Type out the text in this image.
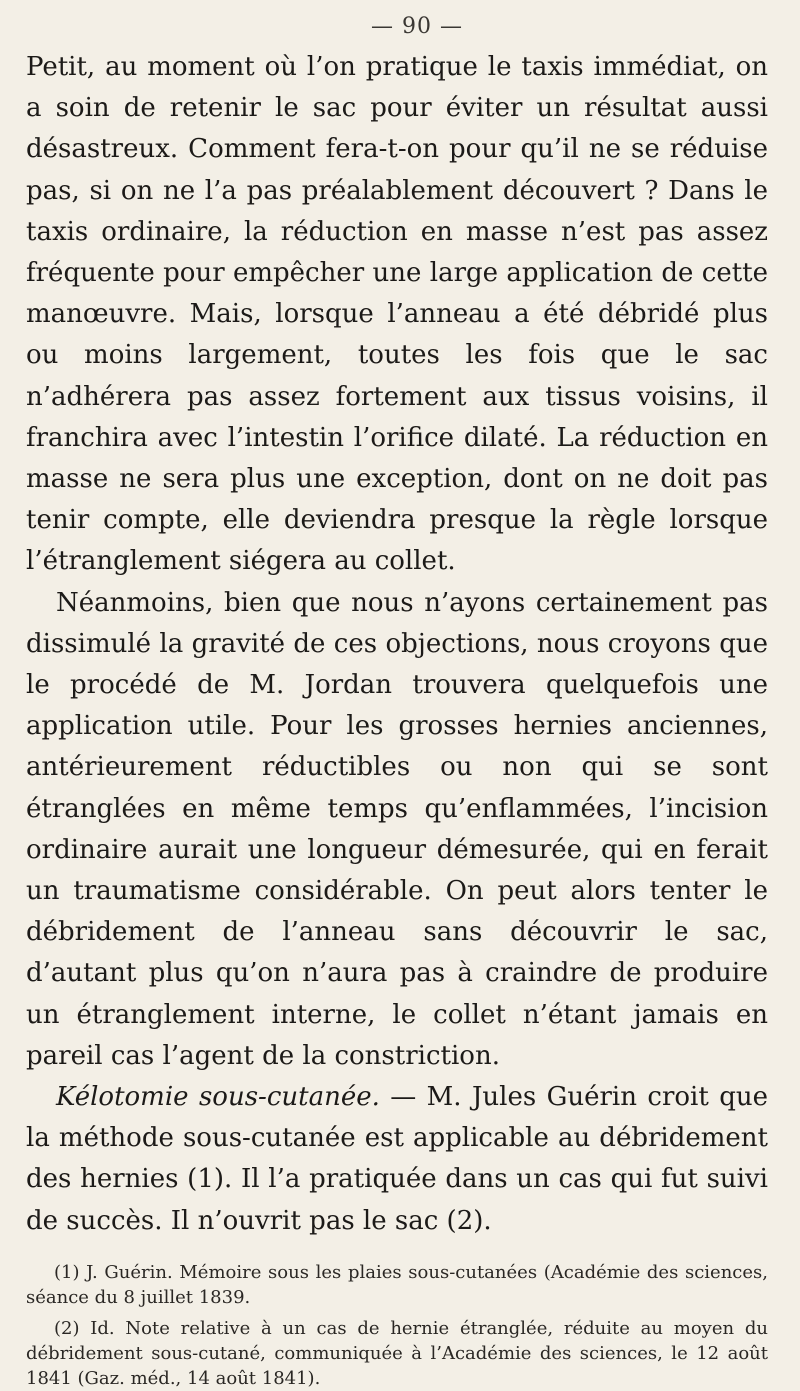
— 90 —

Petit, au moment où l’on pratique le taxis immédiat, on a soin de retenir le sac pour éviter un résultat aussi désastreux. Comment fera-t-on pour qu’il ne se réduise pas, si on ne l’a pas préalablement découvert ? Dans le taxis ordinaire, la réduction en masse n’est pas assez fréquente pour empêcher une large application de cette manœuvre. Mais, lorsque l’anneau a été débridé plus ou moins largement, toutes les fois que le sac n’adhérera pas assez fortement aux tissus voisins, il franchira avec l’intestin l’orifice dilaté. La réduction en masse ne sera plus une exception, dont on ne doit pas tenir compte, elle deviendra presque la règle lorsque l’étranglement siégera au collet.

Néanmoins, bien que nous n’ayons certainement pas dissimulé la gravité de ces objections, nous croyons que le procédé de M. Jordan trouvera quelquefois une application utile. Pour les grosses hernies anciennes, antérieurement réductibles ou non qui se sont étranglées en même temps qu’enflammées, l’incision ordinaire aurait une longueur démesurée, qui en ferait un traumatisme considérable. On peut alors tenter le débridement de l’anneau sans découvrir le sac, d’autant plus qu’on n’aura pas à craindre de produire un étranglement interne, le collet n’étant jamais en pareil cas l’agent de la constriction.

Kélotomie sous-cutanée. — M. Jules Guérin croit que la méthode sous-cutanée est applicable au débridement des hernies (1). Il l’a pratiquée dans un cas qui fut suivi de succès. Il n’ouvrit pas le sac (2).

(1) J. Guérin. Mémoire sous les plaies sous-cutanées (Académie des sciences, séance du 8 juillet 1839.

(2) Id. Note relative à un cas de hernie étranglée, réduite au moyen du débridement sous-cutané, communiquée à l’Académie des sciences, le 12 août 1841 (Gaz. méd., 14 août 1841).
